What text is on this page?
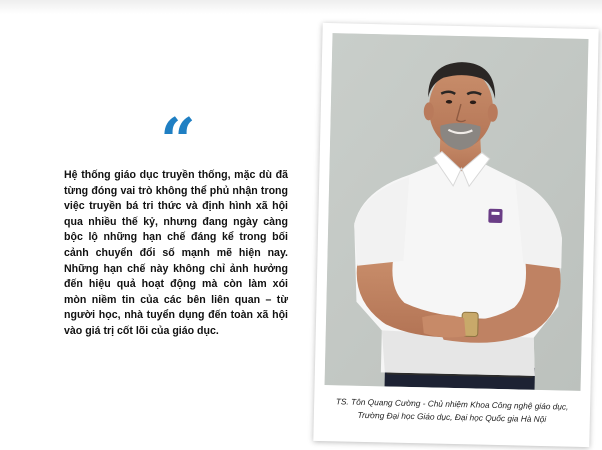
“

Hệ thống giáo dục truyền thống, mặc dù đã từng đóng vai trò không thể phủ nhận trong việc truyền bá tri thức và định hình xã hội qua nhiều thế kỷ, nhưng đang ngày càng bộc lộ những hạn chế đáng kể trong bối cảnh chuyển đổi số mạnh mẽ hiện nay. Những hạn chế này không chỉ ảnh hưởng đến hiệu quả hoạt động mà còn làm xói mòn niềm tin của các bên liên quan – từ người học, nhà tuyển dụng đến toàn xã hội vào giá trị cốt lõi của giáo dục.

TS. Tôn Quang Cường - Chủ nhiệm Khoa Công nghệ giáo dục,
Trường Đại học Giáo dục, Đại học Quốc gia Hà Nội
